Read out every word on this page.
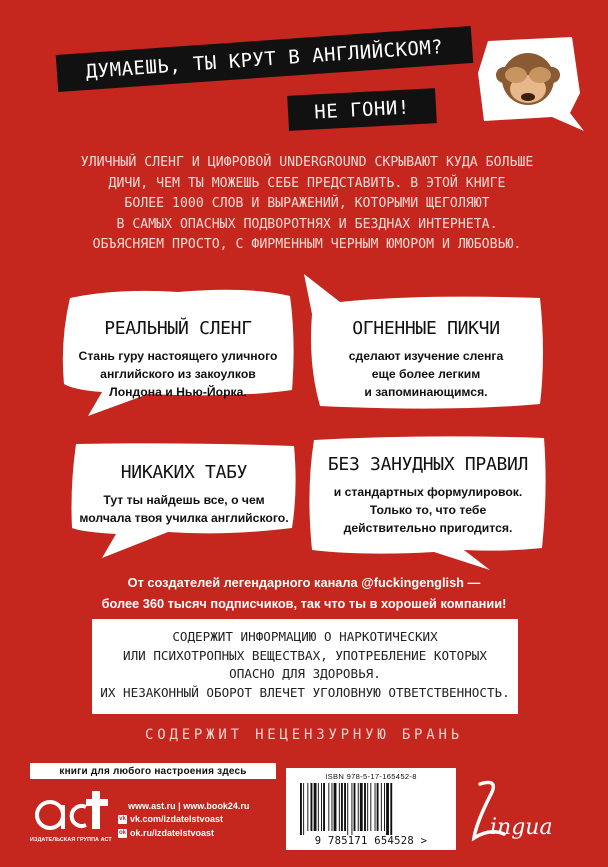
ДУМАЕШЬ, ТЫ КРУТ В АНГЛИЙСКОМ?
НЕ ГОНИ!
УЛИЧНЫЙ СЛЕНГ И ЦИФРОВОЙ UNDERGROUND СКРЫВАЮТ КУДА БОЛЬШЕ
ДИЧИ, ЧЕМ ТЫ МОЖЕШЬ СЕБЕ ПРЕДСТАВИТЬ. В ЭТОЙ КНИГЕ
БОЛЕЕ 1000 СЛОВ И ВЫРАЖЕНИЙ, КОТОРЫМИ ЩЕГОЛЯЮТ
В САМЫХ ОПАСНЫХ ПОДВОРОТНЯХ И БЕЗДНАХ ИНТЕРНЕТА.
ОБЪЯСНЯЕМ ПРОСТО, С ФИРМЕННЫМ ЧЕРНЫМ ЮМОРОМ И ЛЮБОВЬЮ.
РЕАЛЬНЫЙ СЛЕНГ
Стань гуру настоящего уличного
английского из закоулков
Лондона и Нью-Йорка.
ОГНЕННЫЕ ПИКЧИ
сделают изучение сленга
еще более легким
и запоминающимся.
НИКАКИХ ТАБУ
Тут ты найдешь все, о чем
молчала твоя училка английского.
БЕЗ ЗАНУДНЫХ ПРАВИЛ
и стандартных формулировок.
Только то, что тебе
действительно пригодится.
От создателей легендарного канала @fuckingenglish —
более 360 тысяч подписчиков, так что ты в хорошей компании!
СОДЕРЖИТ ИНФОРМАЦИЮ О НАРКОТИЧЕСКИХ
ИЛИ ПСИХОТРОПНЫХ ВЕЩЕСТВАХ, УПОТРЕБЛЕНИЕ КОТОРЫХ
ОПАСНО ДЛЯ ЗДОРОВЬЯ.
ИХ НЕЗАКОННЫЙ ОБОРОТ ВЛЕЧЕТ УГОЛОВНУЮ ОТВЕТСТВЕННОСТЬ.
СОДЕРЖИТ НЕЦЕНЗУРНУЮ БРАНЬ
книги для любого настроения здесь
ИЗДАТЕЛЬСКАЯ ГРУППА АСТ
www.ast.ru | www.book24.ru
vk vk.com/izdatelstvoast
ok ok.ru/izdatelstvoast
ISBN 978-5-17-165452-8
9 785171 654528 >
ingua
